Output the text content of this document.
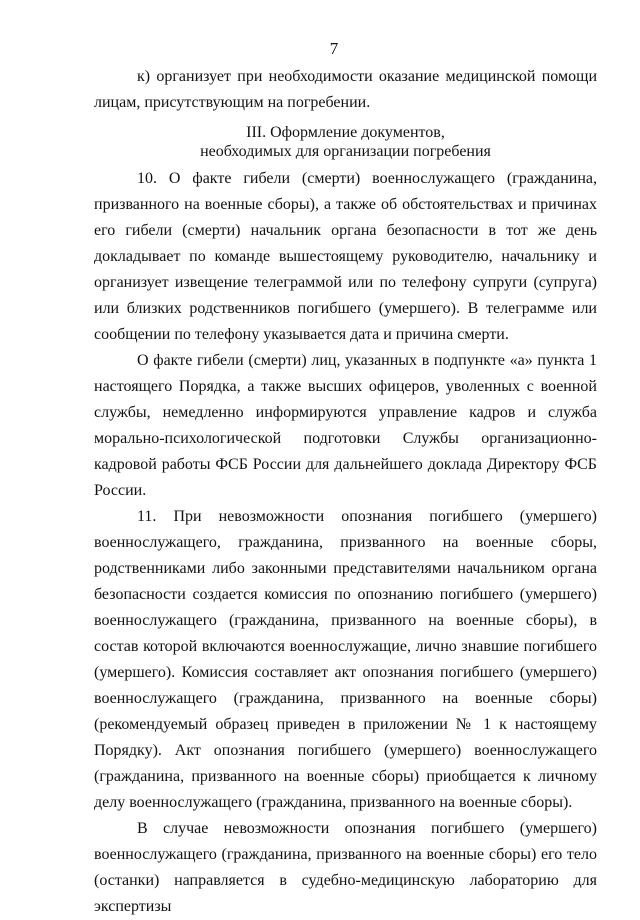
7

к) организует при необходимости оказание медицинской помощи лицам, присутствующим на погребении.

III. Оформление документов,
необходимых для организации погребения

10. О факте гибели (смерти) военнослужащего (гражданина, призванного на военные сборы), а также об обстоятельствах и причинах его гибели (смерти) начальник органа безопасности в тот же день докладывает по команде вышестоящему руководителю, начальнику и организует извещение телеграммой или по телефону супруги (супруга) или близких родственников погибшего (умершего). В телеграмме или сообщении по телефону указывается дата и причина смерти.

О факте гибели (смерти) лиц, указанных в подпункте «а» пункта 1 настоящего Порядка, а также высших офицеров, уволенных с военной службы, немедленно информируются управление кадров и служба морально-психологической подготовки Службы организационно-кадровой работы ФСБ России для дальнейшего доклада Директору ФСБ России.

11. При невозможности опознания погибшего (умершего) военнослужащего, гражданина, призванного на военные сборы, родственниками либо законными представителями начальником органа безопасности создается комиссия по опознанию погибшего (умершего) военнослужащего (гражданина, призванного на военные сборы), в состав которой включаются военнослужащие, лично знавшие погибшего (умершего). Комиссия составляет акт опознания погибшего (умершего) военнослужащего (гражданина, призванного на военные сборы) (рекомендуемый образец приведен в приложении № 1 к настоящему Порядку). Акт опознания погибшего (умершего) военнослужащего (гражданина, призванного на военные сборы) приобщается к личному делу военнослужащего (гражданина, призванного на военные сборы).

В случае невозможности опознания погибшего (умершего) военнослужащего (гражданина, призванного на военные сборы) его тело (останки) направляется в судебно-медицинскую лабораторию для экспертизы
